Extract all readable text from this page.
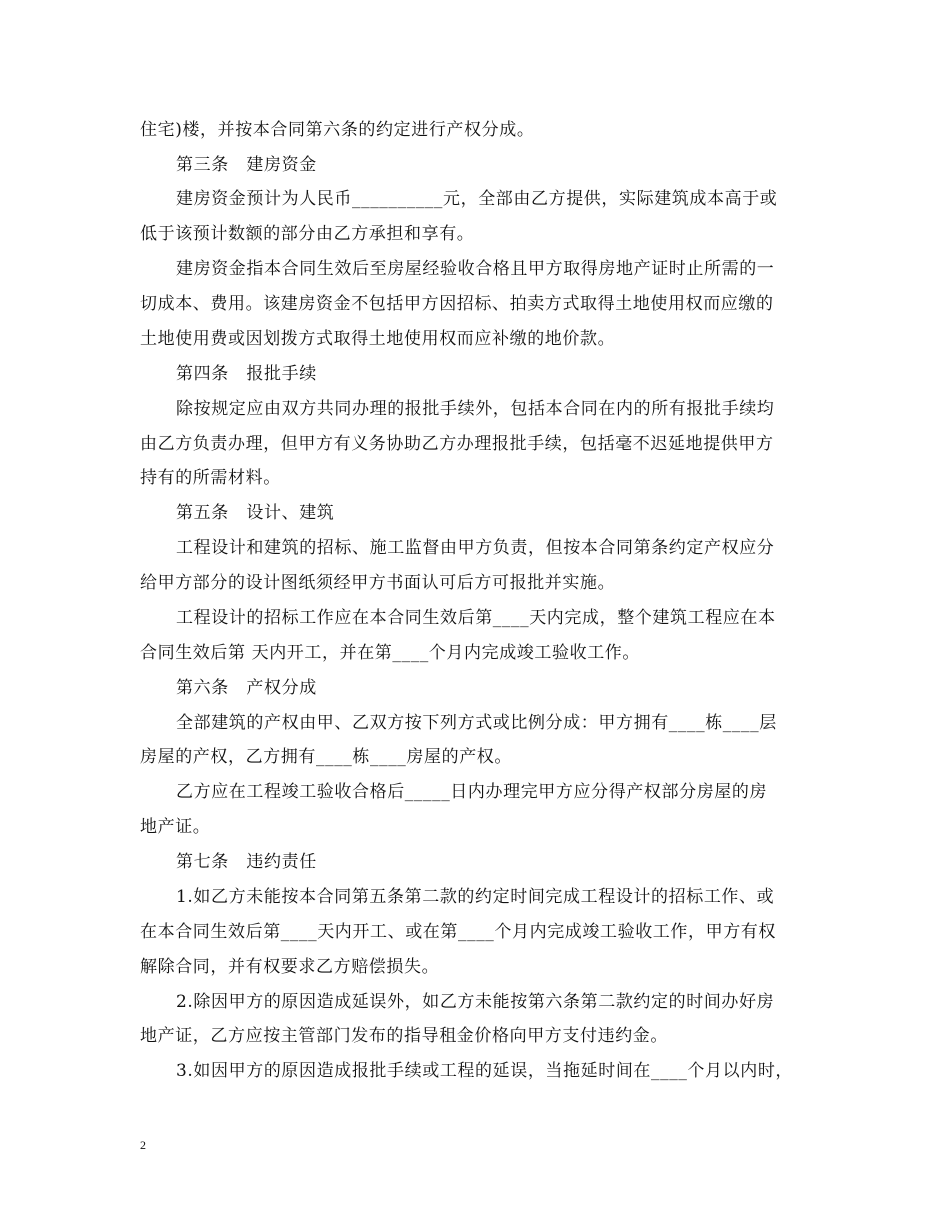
住宅)楼，并按本合同第六条的约定进行产权分成。
第三条　建房资金
建房资金预计为人民币__________元，全部由乙方提供，实际建筑成本高于或
低于该预计数额的部分由乙方承担和享有。
建房资金指本合同生效后至房屋经验收合格且甲方取得房地产证时止所需的一
切成本、费用。该建房资金不包括甲方因招标、拍卖方式取得土地使用权而应缴的
土地使用费或因划拨方式取得土地使用权而应补缴的地价款。
第四条　报批手续
除按规定应由双方共同办理的报批手续外，包括本合同在内的所有报批手续均
由乙方负责办理，但甲方有义务协助乙方办理报批手续，包括毫不迟延地提供甲方
持有的所需材料。
第五条　设计、建筑
工程设计和建筑的招标、施工监督由甲方负责，但按本合同第条约定产权应分
给甲方部分的设计图纸须经甲方书面认可后方可报批并实施。
工程设计的招标工作应在本合同生效后第____天内完成，整个建筑工程应在本
合同生效后第 天内开工，并在第____个月内完成竣工验收工作。
第六条　产权分成
全部建筑的产权由甲、乙双方按下列方式或比例分成：甲方拥有____栋____层
房屋的产权，乙方拥有____栋____房屋的产权。
乙方应在工程竣工验收合格后_____日内办理完甲方应分得产权部分房屋的房
地产证。
第七条　违约责任
1.如乙方未能按本合同第五条第二款的约定时间完成工程设计的招标工作、或
在本合同生效后第____天内开工、或在第____个月内完成竣工验收工作，甲方有权
解除合同，并有权要求乙方赔偿损失。
2.除因甲方的原因造成延误外，如乙方未能按第六条第二款约定的时间办好房
地产证，乙方应按主管部门发布的指导租金价格向甲方支付违约金。
3.如因甲方的原因造成报批手续或工程的延误，当拖延时间在____个月以内时，
2
